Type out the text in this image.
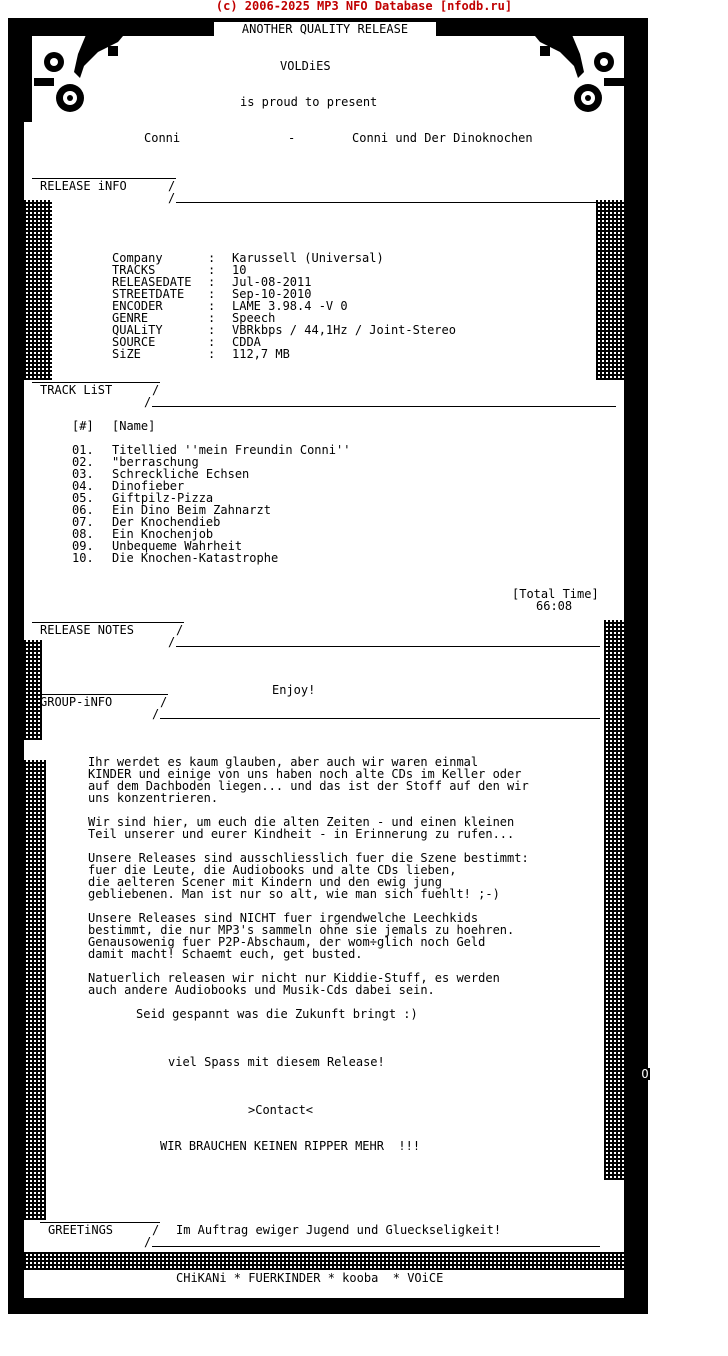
(c) 2006-2025 MP3 NFO Database [nfodb.ru]
ANOTHER QUALITY RELEASE
VOLDiES
is proud to present
Conni	-	Conni und Der Dinoknochen
RELEASE iNFO	/
/
Company	:	Karussell (Universal)
TRACKS	:	10
RELEASEDATE	:	Jul-08-2011
STREETDATE	:	Sep-10-2010
ENCODER	:	LAME 3.98.4 -V 0
GENRE	:	Speech
QUALiTY	:	VBRkbps / 44,1Hz / Joint-Stereo
SOURCE	:	CDDA
SiZE	:	112,7 MB
TRACK LiST	/
/
[#] [Name]
01.	Titellied ''mein Freundin Conni''
02.	"berraschung
03.	Schreckliche Echsen
04.	Dinofieber
05.	Giftpilz-Pizza
06.	Ein Dino Beim Zahnarzt
07.	Der Knochendieb
08.	Ein Knochenjob
09.	Unbequeme Wahrheit
10.	Die Knochen-Katastrophe
[Total Time]
66:08
RELEASE NOTES	/
/
Enjoy!
GROUP-iNFO	/
/
Ihr werdet es kaum glauben, aber auch wir waren einmal
KINDER und einige von uns haben noch alte CDs im Keller oder
auf dem Dachboden liegen... und das ist der Stoff auf den wir
uns konzentrieren.
Wir sind hier, um euch die alten Zeiten - und einen kleinen
Teil unserer und eurer Kindheit - in Erinnerung zu rufen...
Unsere Releases sind ausschliesslich fuer die Szene bestimmt:
fuer die Leute, die Audiobooks und alte CDs lieben,
die aelteren Scener mit Kindern und den ewig jung
gebliebenen. Man ist nur so alt, wie man sich fuehlt! ;-)
Unsere Releases sind NICHT fuer irgendwelche Leechkids
bestimmt, die nur MP3's sammeln ohne sie jemals zu hoehren.
Genausowenig fuer P2P-Abschaum, der wom÷glich noch Geld
damit macht! Schaemt euch, get busted.
Natuerlich releasen wir nicht nur Kiddie-Stuff, es werden
auch andere Audiobooks und Musik-Cds dabei sein.
Seid gespannt was die Zukunft bringt :)
viel Spass mit diesem Release!
>Contact<
WIR BRAUCHEN KEINEN RIPPER MEHR  !!!
O
GREETiNGS	/
/
Im Auftrag ewiger Jugend und Glueckseligkeit!
CHiKANi * FUERKINDER * kooba  * VOiCE
